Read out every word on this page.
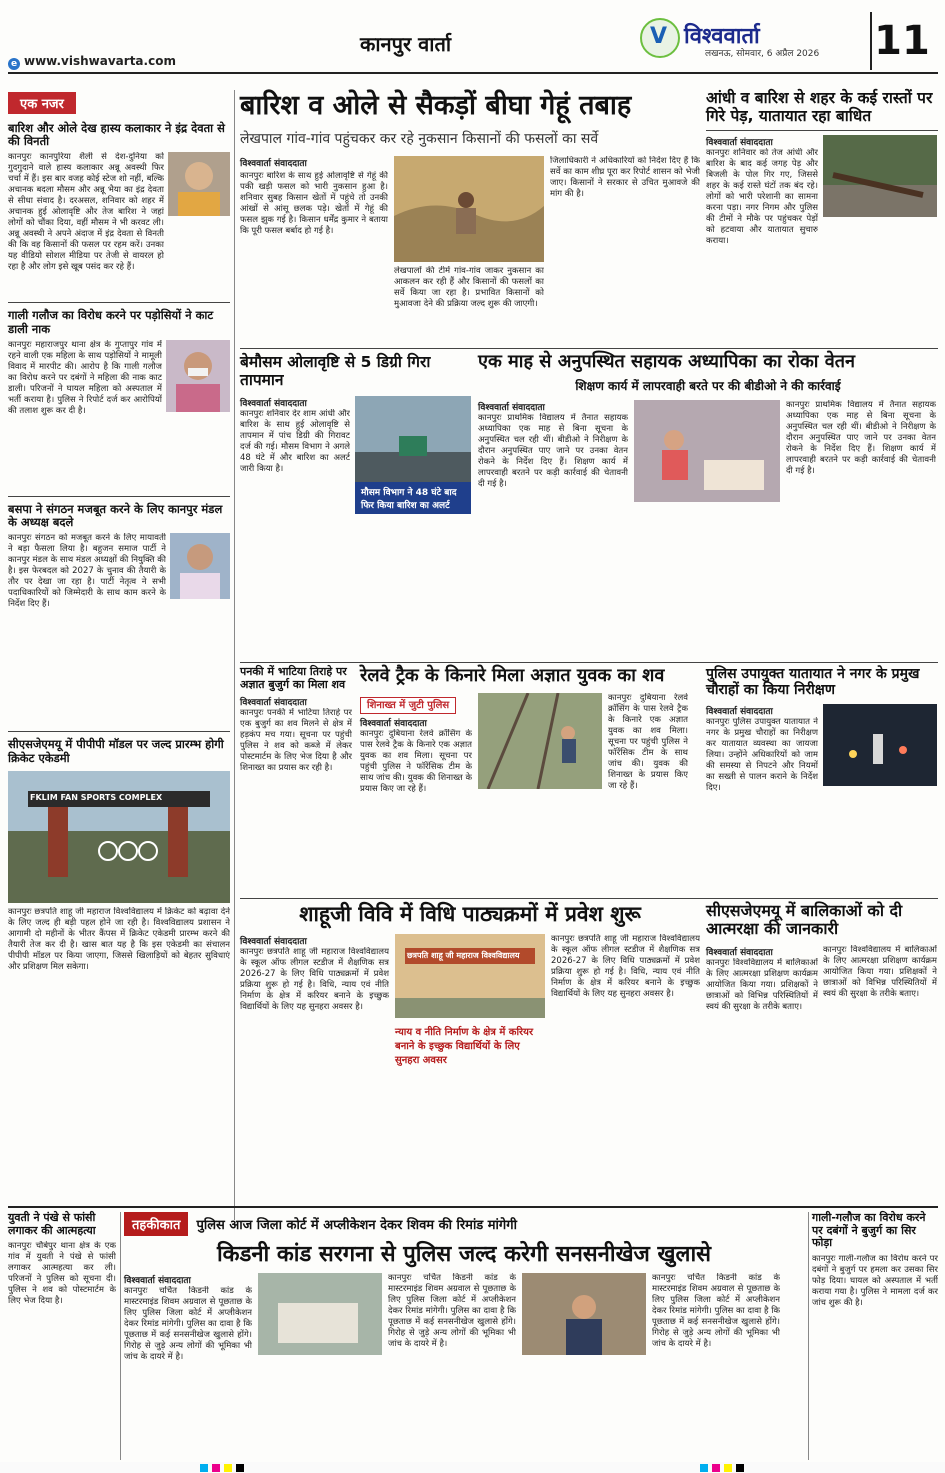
e www.vishwavarta.com
कानपुर वार्ता	V विश्ववार्ता
लखनऊ, सोमवार, 6 अप्रैल 2026 11
एक नजर
बारिश और ओले देख हास्य कलाकार ने इंद्र देवता से की विनती
कानपुरः कानपुरिया शैली से देश-दुनिया को गुदगुदाने वाले हास्य कलाकार अन्नू अवस्थी फिर चर्चा में हैं। इस बार वजह कोई स्टेज शो नहीं, बल्कि अचानक बदला मौसम और अन्नू भैया का इंद्र देवता से सीधा संवाद है। दरअसल, शनिवार को शहर में अचानक हुई ओलावृष्टि और तेज बारिश ने जहां लोगों को चौंका दिया, वहीं मौसम ने भी करवट ली। अन्नू अवस्थी ने अपने अंदाज में इंद्र देवता से विनती की कि वह किसानों की फसल पर रहम करें। उनका यह वीडियो सोशल मीडिया पर तेजी से वायरल हो रहा है और लोग इसे खूब पसंद कर रहे हैं।
गाली गलौज का विरोध करने पर पड़ोसियों ने काट डाली नाक
कानपुरः महाराजपुर थाना क्षेत्र के गुप्तापुर गांव में रहने वाली एक महिला के साथ पड़ोसियों ने मामूली विवाद में मारपीट की। आरोप है कि गाली गलौज का विरोध करने पर दबंगों ने महिला की नाक काट डाली। परिजनों ने घायल महिला को अस्पताल में भर्ती कराया है। पुलिस ने रिपोर्ट दर्ज कर आरोपियों की तलाश शुरू कर दी है।
बसपा ने संगठन मजबूत करने के लिए कानपुर मंडल के अध्यक्ष बदले
कानपुरः संगठन को मजबूत करने के लिए मायावती ने बड़ा फैसला लिया है। बहुजन समाज पार्टी ने कानपुर मंडल के साथ मंडल अध्यक्षों की नियुक्ति की है। इस फेरबदल को 2027 के चुनाव की तैयारी के तौर पर देखा जा रहा है। पार्टी नेतृत्व ने सभी पदाधिकारियों को जिम्मेदारी के साथ काम करने के निर्देश दिए हैं।
सीएसजेएमयू में पीपीपी मॉडल पर जल्द प्रारम्भ होगी क्रिकेट एकेडमी
FKLIM FAN SPORTS COMPLEX
कानपुरः छत्रपति शाहू जी महाराज विश्वविद्यालय में क्रिकेट को बढ़ावा देने के लिए जल्द ही बड़ी पहल होने जा रही है। विश्वविद्यालय प्रशासन ने आगामी दो महीनों के भीतर कैंपस में क्रिकेट एकेडमी प्रारम्भ करने की तैयारी तेज कर दी है। खास बात यह है कि इस एकेडमी का संचालन पीपीपी मॉडल पर किया जाएगा, जिससे खिलाड़ियों को बेहतर सुविधाएं और प्रशिक्षण मिल सकेगा।
बारिश व ओले से सैकड़ों बीघा गेहूं तबाह
लेखपाल गांव-गांव पहुंचकर कर रहे नुकसान किसानों की फसलों का सर्वे
विश्ववार्ता संवाददाता
कानपुरः बारिश के साथ हुई ओलावृष्टि से गेहूं की पकी खड़ी फसल को भारी नुकसान हुआ है। शनिवार सुबह किसान खेतों में पहुंचे तो उनकी आंखों से आंसू छलक पड़े। खेतों में गेहूं की फसल झुक गई है। किसान धर्मेंद्र कुमार ने बताया कि पूरी फसल बर्बाद हो गई है।
लेखपालों की टीमें गांव-गांव जाकर नुकसान का आकलन कर रही हैं और किसानों की फसलों का सर्वे किया जा रहा है। प्रभावित किसानों को मुआवजा देने की प्रक्रिया जल्द शुरू की जाएगी।
जिलाधिकारी ने अधिकारियों को निर्देश दिए हैं कि सर्वे का काम शीघ्र पूरा कर रिपोर्ट शासन को भेजी जाए। किसानों ने सरकार से उचित मुआवजे की मांग की है।
आंधी व बारिश से शहर के कई रास्तों पर गिरे पेड़, यातायात रहा बाधित
विश्ववार्ता संवाददाता
कानपुरः शनिवार को तेज आंधी और बारिश के बाद कई जगह पेड़ और बिजली के पोल गिर गए, जिससे शहर के कई रास्ते घंटों तक बंद रहे। लोगों को भारी परेशानी का सामना करना पड़ा। नगर निगम और पुलिस की टीमों ने मौके पर पहुंचकर पेड़ों को हटवाया और यातायात सुचारु कराया।
बेमौसम ओलावृष्टि से 5 डिग्री गिरा तापमान
विश्ववार्ता संवाददाता
कानपुरः शनिवार देर शाम आंधी और बारिश के साथ हुई ओलावृष्टि से तापमान में पांच डिग्री की गिरावट दर्ज की गई। मौसम विभाग ने अगले 48 घंटे में और बारिश का अलर्ट जारी किया है।
मौसम विभाग ने 48 घंटे बाद फिर किया बारिश का अलर्ट
एक माह से अनुपस्थित सहायक अध्यापिका का रोका वेतन
शिक्षण कार्य में लापरवाही बरते पर की बीडीओ ने की कार्रवाई
विश्ववार्ता संवाददाता
कानपुरः प्राथमिक विद्यालय में तैनात सहायक अध्यापिका एक माह से बिना सूचना के अनुपस्थित चल रही थीं। बीडीओ ने निरीक्षण के दौरान अनुपस्थित पाए जाने पर उनका वेतन रोकने के निर्देश दिए हैं। शिक्षण कार्य में लापरवाही बरतने पर कड़ी कार्रवाई की चेतावनी दी गई है।
कानपुरः प्राथमिक विद्यालय में तैनात सहायक अध्यापिका एक माह से बिना सूचना के अनुपस्थित चल रही थीं। बीडीओ ने निरीक्षण के दौरान अनुपस्थित पाए जाने पर उनका वेतन रोकने के निर्देश दिए हैं। शिक्षण कार्य में लापरवाही बरतने पर कड़ी कार्रवाई की चेतावनी दी गई है।
पनकी में भाटिया तिराहे पर अज्ञात बुजुर्ग का मिला शव
विश्ववार्ता संवाददाता
कानपुरः पनकी में भाटिया तिराहे पर एक बुजुर्ग का शव मिलने से क्षेत्र में हड़कंप मच गया। सूचना पर पहुंची पुलिस ने शव को कब्जे में लेकर पोस्टमार्टम के लिए भेज दिया है और शिनाख्त का प्रयास कर रही है।
रेलवे ट्रैक के किनारे मिला अज्ञात युवक का शव
शिनाख्त में जुटी पुलिस
विश्ववार्ता संवाददाता
कानपुरः दुबियाना रेलवे क्रॉसिंग के पास रेलवे ट्रैक के किनारे एक अज्ञात युवक का शव मिला। सूचना पर पहुंची पुलिस ने फॉरेंसिक टीम के साथ जांच की। युवक की शिनाख्त के प्रयास किए जा रहे हैं।
कानपुरः दुबियाना रेलवे क्रॉसिंग के पास रेलवे ट्रैक के किनारे एक अज्ञात युवक का शव मिला। सूचना पर पहुंची पुलिस ने फॉरेंसिक टीम के साथ जांच की। युवक की शिनाख्त के प्रयास किए जा रहे हैं।
पुलिस उपायुक्त यातायात ने नगर के प्रमुख चौराहों का किया निरीक्षण
विश्ववार्ता संवाददाता
कानपुरः पुलिस उपायुक्त यातायात ने नगर के प्रमुख चौराहों का निरीक्षण कर यातायात व्यवस्था का जायजा लिया। उन्होंने अधिकारियों को जाम की समस्या से निपटने और नियमों का सख्ती से पालन कराने के निर्देश दिए।
शाहूजी विवि में विधि पाठ्यक्रमों में प्रवेश शुरू
विश्ववार्ता संवाददाता
कानपुरः छत्रपति शाहू जी महाराज विश्वविद्यालय के स्कूल ऑफ लीगल स्टडीज में शैक्षणिक सत्र 2026-27 के लिए विधि पाठ्यक्रमों में प्रवेश प्रक्रिया शुरू हो गई है। विधि, न्याय एवं नीति निर्माण के क्षेत्र में करियर बनाने के इच्छुक विद्यार्थियों के लिए यह सुनहरा अवसर है।
छत्रपति शाहू जी महाराज विश्वविद्यालय
न्याय व नीति निर्माण के क्षेत्र में करियर बनाने के इच्छुक विद्यार्थियों के लिए सुनहरा अवसर
कानपुरः छत्रपति शाहू जी महाराज विश्वविद्यालय के स्कूल ऑफ लीगल स्टडीज में शैक्षणिक सत्र 2026-27 के लिए विधि पाठ्यक्रमों में प्रवेश प्रक्रिया शुरू हो गई है। विधि, न्याय एवं नीति निर्माण के क्षेत्र में करियर बनाने के इच्छुक विद्यार्थियों के लिए यह सुनहरा अवसर है।
सीएसजेएमयू में बालिकाओं को दी आत्मरक्षा की जानकारी
विश्ववार्ता संवाददाता
कानपुरः विश्वविद्यालय में बालिकाओं के लिए आत्मरक्षा प्रशिक्षण कार्यक्रम आयोजित किया गया। प्रशिक्षकों ने छात्राओं को विभिन्न परिस्थितियों में स्वयं की सुरक्षा के तरीके बताए।
कानपुरः विश्वविद्यालय में बालिकाओं के लिए आत्मरक्षा प्रशिक्षण कार्यक्रम आयोजित किया गया। प्रशिक्षकों ने छात्राओं को विभिन्न परिस्थितियों में स्वयं की सुरक्षा के तरीके बताए।
युवती ने पंखे से फांसी लगाकर की आत्महत्या
कानपुरः चौबेपुर थाना क्षेत्र के एक गांव में युवती ने पंखे से फांसी लगाकर आत्महत्या कर ली। परिजनों ने पुलिस को सूचना दी। पुलिस ने शव को पोस्टमार्टम के लिए भेज दिया है।
तहकीकात	पुलिस आज जिला कोर्ट में अप्लीकेशन देकर शिवम की रिमांड मांगेगी
किडनी कांड सरगना से पुलिस जल्द करेगी सनसनीखेज खुलासे
विश्ववार्ता संवाददाता
कानपुरः चर्चित किडनी कांड के मास्टरमाइंड शिवम अग्रवाल से पूछताछ के लिए पुलिस जिला कोर्ट में अप्लीकेशन देकर रिमांड मांगेगी। पुलिस का दावा है कि पूछताछ में कई सनसनीखेज खुलासे होंगे। गिरोह से जुड़े अन्य लोगों की भूमिका भी जांच के दायरे में है।
कानपुरः चर्चित किडनी कांड के मास्टरमाइंड शिवम अग्रवाल से पूछताछ के लिए पुलिस जिला कोर्ट में अप्लीकेशन देकर रिमांड मांगेगी। पुलिस का दावा है कि पूछताछ में कई सनसनीखेज खुलासे होंगे। गिरोह से जुड़े अन्य लोगों की भूमिका भी जांच के दायरे में है।
कानपुरः चर्चित किडनी कांड के मास्टरमाइंड शिवम अग्रवाल से पूछताछ के लिए पुलिस जिला कोर्ट में अप्लीकेशन देकर रिमांड मांगेगी। पुलिस का दावा है कि पूछताछ में कई सनसनीखेज खुलासे होंगे। गिरोह से जुड़े अन्य लोगों की भूमिका भी जांच के दायरे में है।
गाली-गलौज का विरोध करने पर दबंगों ने बुजुर्ग का सिर फोड़ा
कानपुरः गाली-गलौज का विरोध करने पर दबंगों ने बुजुर्ग पर हमला कर उसका सिर फोड़ दिया। घायल को अस्पताल में भर्ती कराया गया है। पुलिस ने मामला दर्ज कर जांच शुरू की है।
